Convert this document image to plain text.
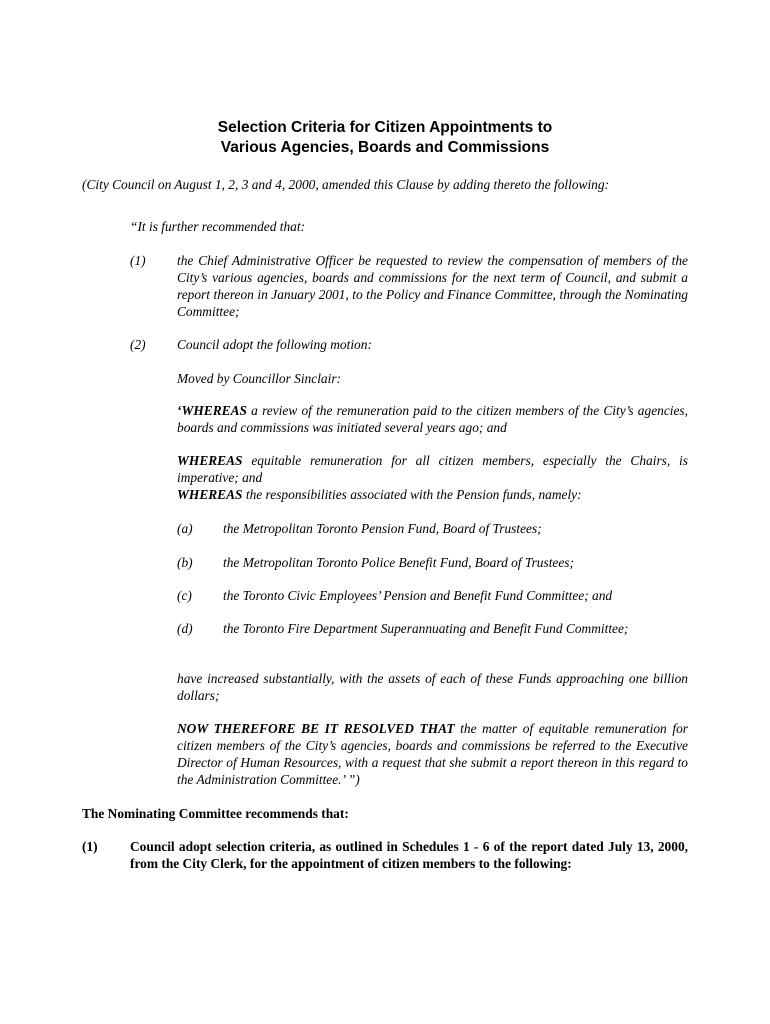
Selection Criteria for Citizen Appointments to
Various Agencies, Boards and Commissions
(City Council on August 1, 2, 3 and 4, 2000, amended this Clause by adding thereto the following:
“It is further recommended that:
(1) the Chief Administrative Officer be requested to review the compensation of members of the City’s various agencies, boards and commissions for the next term of Council, and submit a report thereon in January 2001, to the Policy and Finance Committee, through the Nominating Committee;
(2) Council adopt the following motion:
Moved by Councillor Sinclair:
‘WHEREAS a review of the remuneration paid to the citizen members of the City’s agencies, boards and commissions was initiated several years ago; and
WHEREAS equitable remuneration for all citizen members, especially the Chairs, is imperative; and
WHEREAS the responsibilities associated with the Pension funds, namely:
(a) the Metropolitan Toronto Pension Fund, Board of Trustees;
(b) the Metropolitan Toronto Police Benefit Fund, Board of Trustees;
(c) the Toronto Civic Employees’ Pension and Benefit Fund Committee; and
(d) the Toronto Fire Department Superannuating and Benefit Fund Committee;
have increased substantially, with the assets of each of these Funds approaching one billion dollars;
NOW THEREFORE BE IT RESOLVED THAT the matter of equitable remuneration for citizen members of the City’s agencies, boards and commissions be referred to the Executive Director of Human Resources, with a request that she submit a report thereon in this regard to the Administration Committee.’ ”)
The Nominating Committee recommends that:
(1) Council adopt selection criteria, as outlined in Schedules 1 - 6 of the report dated July 13, 2000, from the City Clerk, for the appointment of citizen members to the following:
